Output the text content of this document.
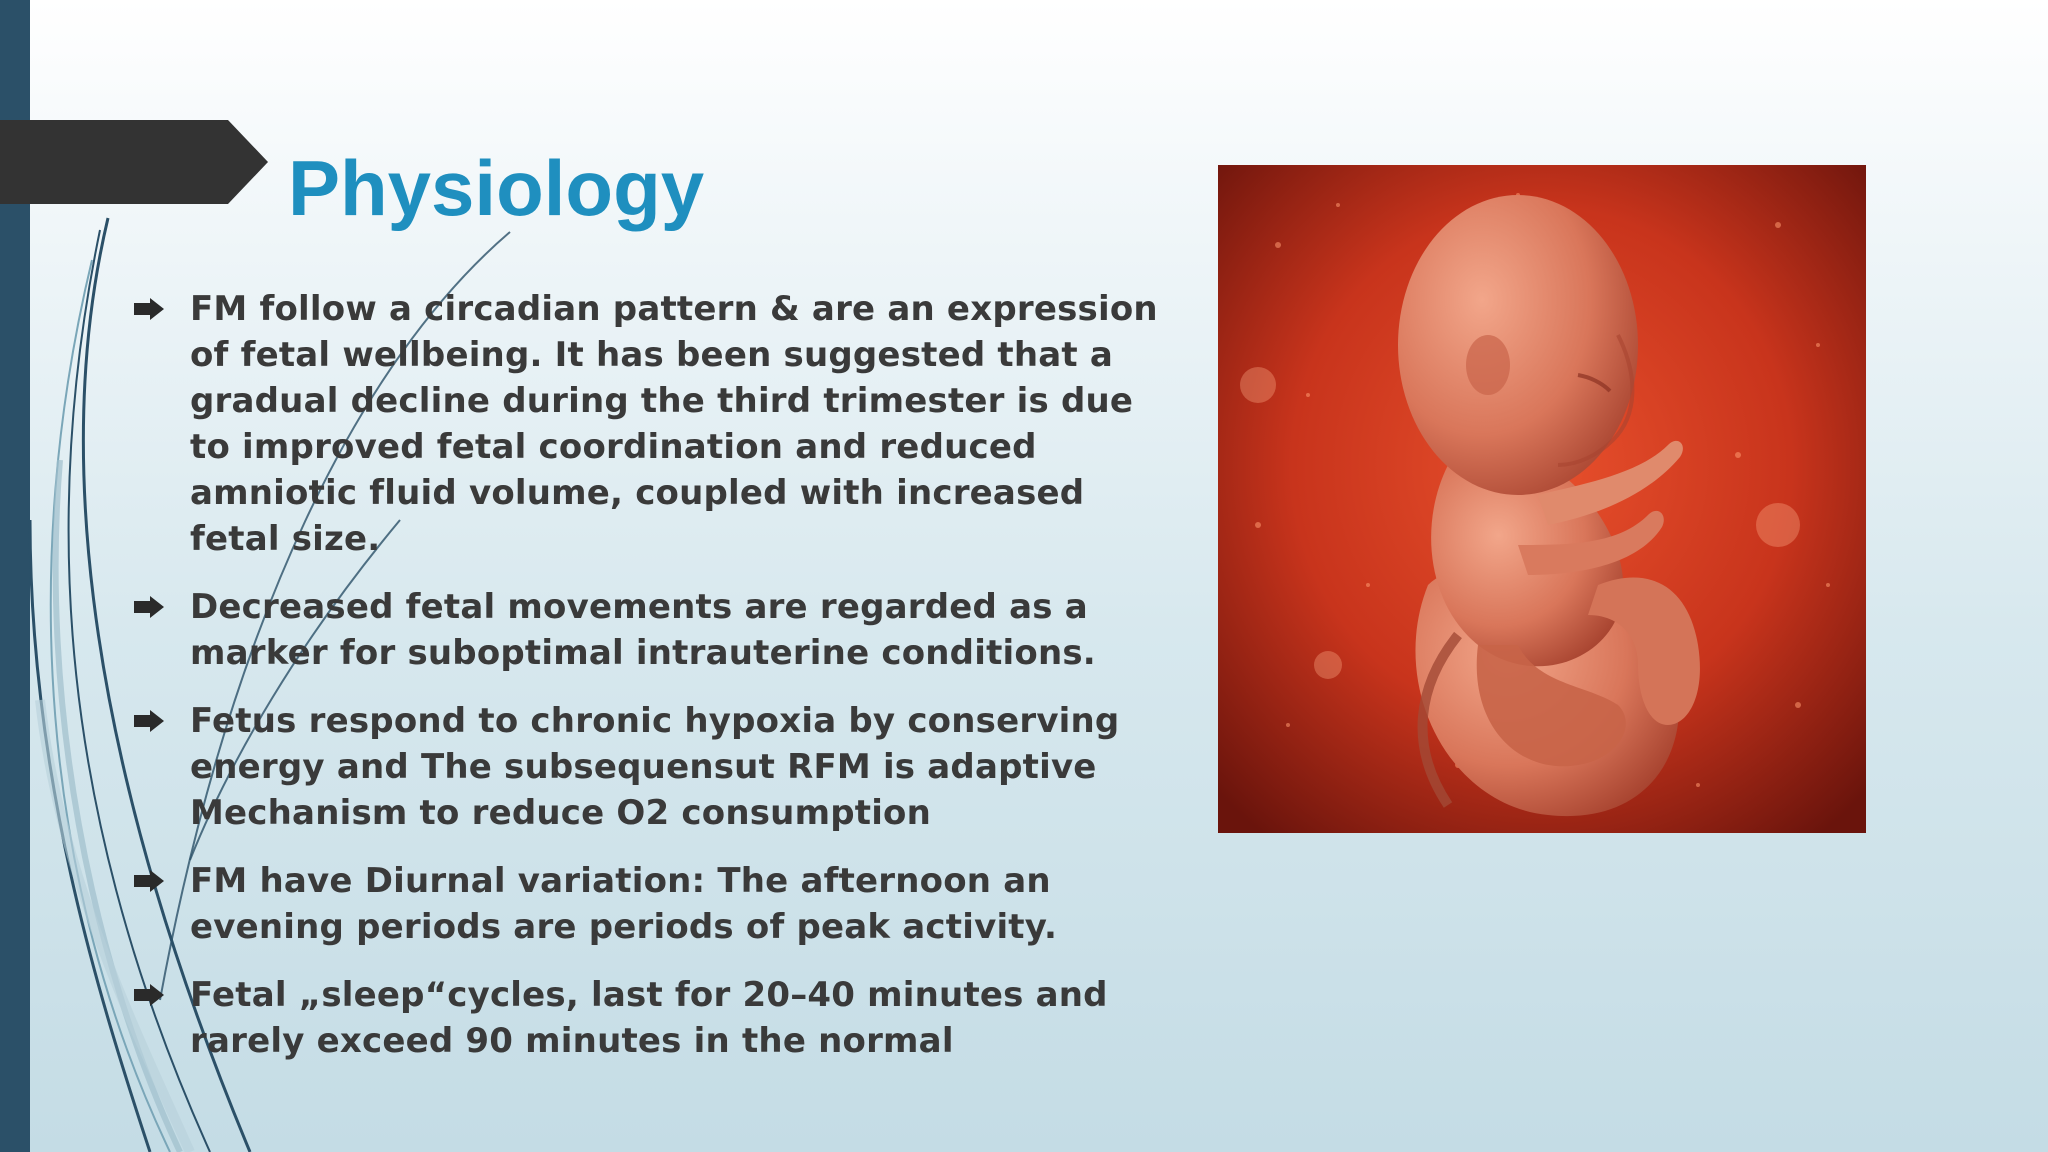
Physiology
FM follow a circadian pattern & are an expression of fetal wellbeing. It has been suggested that a gradual decline during the third trimester is due to improved fetal coordination and reduced amniotic fluid volume, coupled with increased fetal size.
Decreased fetal movements are regarded as a marker for suboptimal intrauterine conditions.
Fetus respond to chronic hypoxia by conserving energy and The subsequensut RFM is adaptive Mechanism to reduce O2 consumption
FM have Diurnal variation: The afternoon an evening periods are periods of peak activity.
Fetal „sleep“cycles, last for 20–40 minutes and rarely exceed 90 minutes in the normal
